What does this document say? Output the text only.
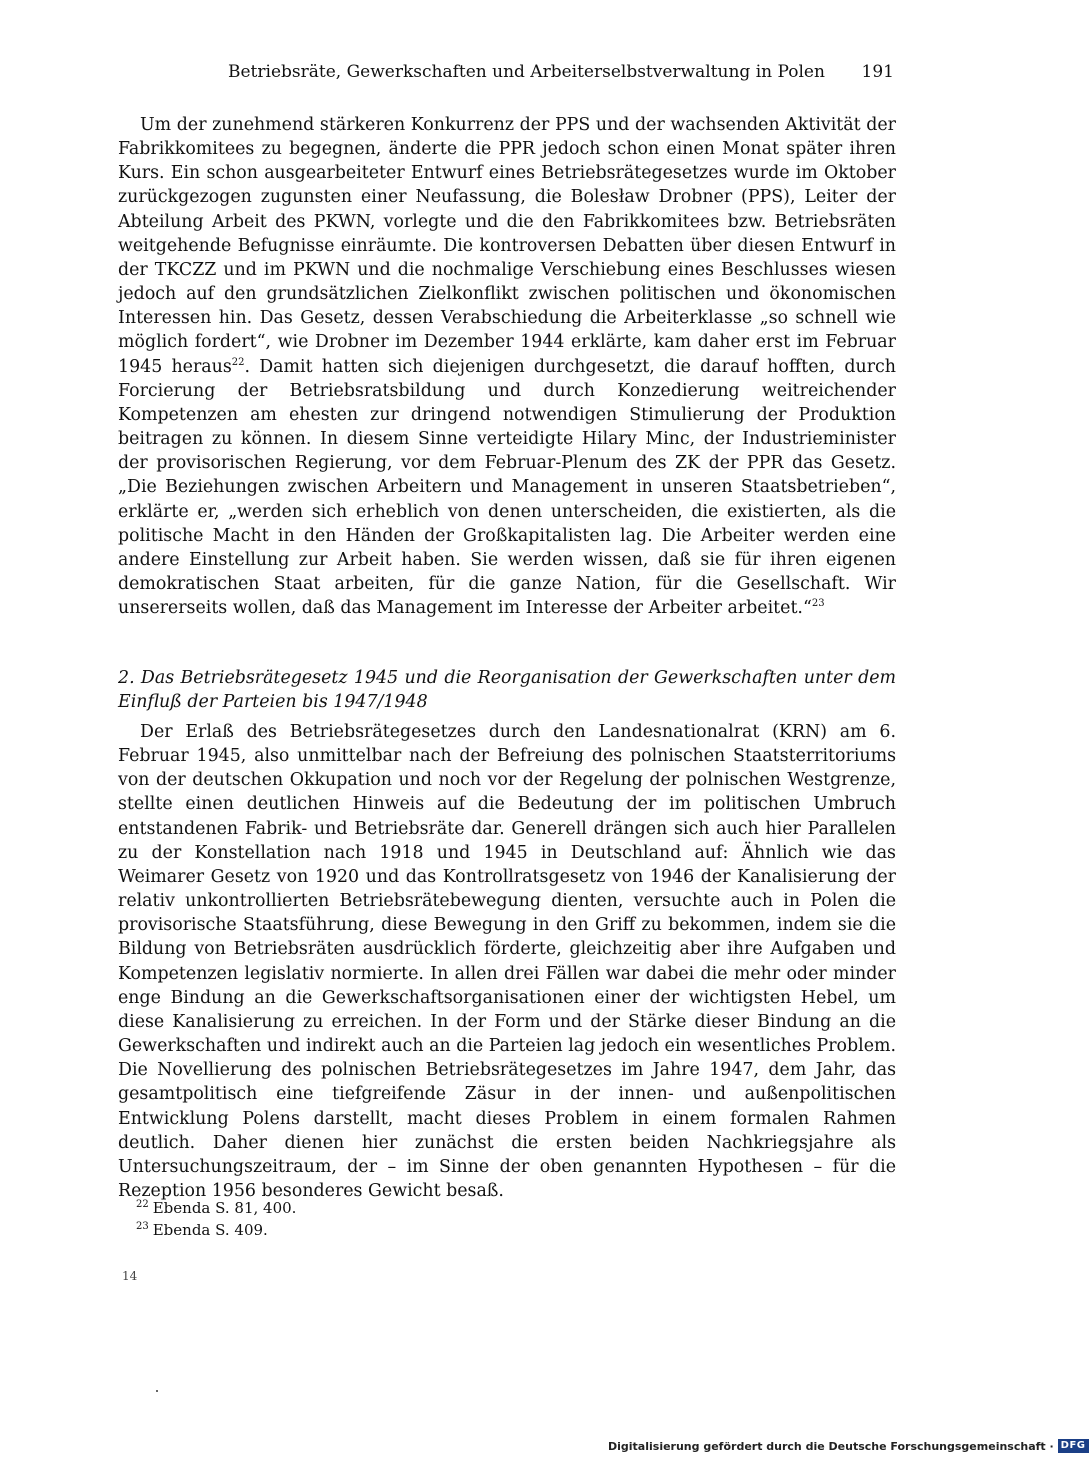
Betriebsräte, Gewerkschaften und Arbeiterselbstverwaltung in Polen 191

Um der zunehmend stärkeren Konkurrenz der PPS und der wachsenden Aktivität der Fabrikkomitees zu begegnen, änderte die PPR jedoch schon einen Monat später ihren Kurs. Ein schon ausgearbeiteter Entwurf eines Betriebsrätegesetzes wurde im Oktober zurückgezogen zugunsten einer Neufassung, die Bolesław Drobner (PPS), Leiter der Abteilung Arbeit des PKWN, vorlegte und die den Fabrikkomitees bzw. Betriebsräten weitgehende Befugnisse einräumte. Die kontroversen Debatten über diesen Entwurf in der TKCZZ und im PKWN und die nochmalige Verschiebung eines Beschlusses wiesen jedoch auf den grundsätzlichen Zielkonflikt zwischen politischen und ökonomischen Interessen hin. Das Gesetz, dessen Verabschiedung die Arbeiterklasse „so schnell wie möglich fordert“, wie Drobner im Dezember 1944 erklärte, kam daher erst im Februar 1945 heraus$^{22}$. Damit hatten sich diejenigen durchgesetzt, die darauf hofften, durch Forcierung der Betriebsratsbildung und durch Konzedierung weitreichender Kompetenzen am ehesten zur dringend notwendigen Stimulierung der Produktion beitragen zu können. In diesem Sinne verteidigte Hilary Minc, der Industrieminister der provisorischen Regierung, vor dem Februar-Plenum des ZK der PPR das Gesetz. „Die Beziehungen zwischen Arbeitern und Management in unseren Staatsbetrieben“, erklärte er, „werden sich erheblich von denen unterscheiden, die existierten, als die politische Macht in den Händen der Großkapitalisten lag. Die Arbeiter werden eine andere Einstellung zur Arbeit haben. Sie werden wissen, daß sie für ihren eigenen demokratischen Staat arbeiten, für die ganze Nation, für die Gesellschaft. Wir unsererseits wollen, daß das Management im Interesse der Arbeiter arbeitet.“$^{23}$

2. Das Betriebsrätegesetz 1945 und die Reorganisation der Gewerkschaften unter dem Einfluß der Parteien bis 1947/1948

Der Erlaß des Betriebsrätegesetzes durch den Landesnationalrat (KRN) am 6. Februar 1945, also unmittelbar nach der Befreiung des polnischen Staatsterritoriums von der deutschen Okkupation und noch vor der Regelung der polnischen Westgrenze, stellte einen deutlichen Hinweis auf die Bedeutung der im politischen Umbruch entstandenen Fabrik- und Betriebsräte dar. Generell drängen sich auch hier Parallelen zu der Konstellation nach 1918 und 1945 in Deutschland auf: Ähnlich wie das Weimarer Gesetz von 1920 und das Kontrollratsgesetz von 1946 der Kanalisierung der relativ unkontrollierten Betriebsrätebewegung dienten, versuchte auch in Polen die provisorische Staatsführung, diese Bewegung in den Griff zu bekommen, indem sie die Bildung von Betriebsräten ausdrücklich förderte, gleichzeitig aber ihre Aufgaben und Kompetenzen legislativ normierte. In allen drei Fällen war dabei die mehr oder minder enge Bindung an die Gewerkschaftsorganisationen einer der wichtigsten Hebel, um diese Kanalisierung zu erreichen. In der Form und der Stärke dieser Bindung an die Gewerkschaften und indirekt auch an die Parteien lag jedoch ein wesentliches Problem. Die Novellierung des polnischen Betriebsrätegesetzes im Jahre 1947, dem Jahr, das gesamtpolitisch eine tiefgreifende Zäsur in der innen- und außenpolitischen Entwicklung Polens darstellt, macht dieses Problem in einem formalen Rahmen deutlich. Daher dienen hier zunächst die ersten beiden Nachkriegsjahre als Untersuchungszeitraum, der – im Sinne der oben genannten Hypothesen – für die Rezeption 1956 besonderes Gewicht besaß.

$^{22}$ Ebenda S. 81, 400.
$^{23}$ Ebenda S. 409.
14
Digitalisierung gefördert durch die Deutsche Forschungsgemeinschaft · DFG
